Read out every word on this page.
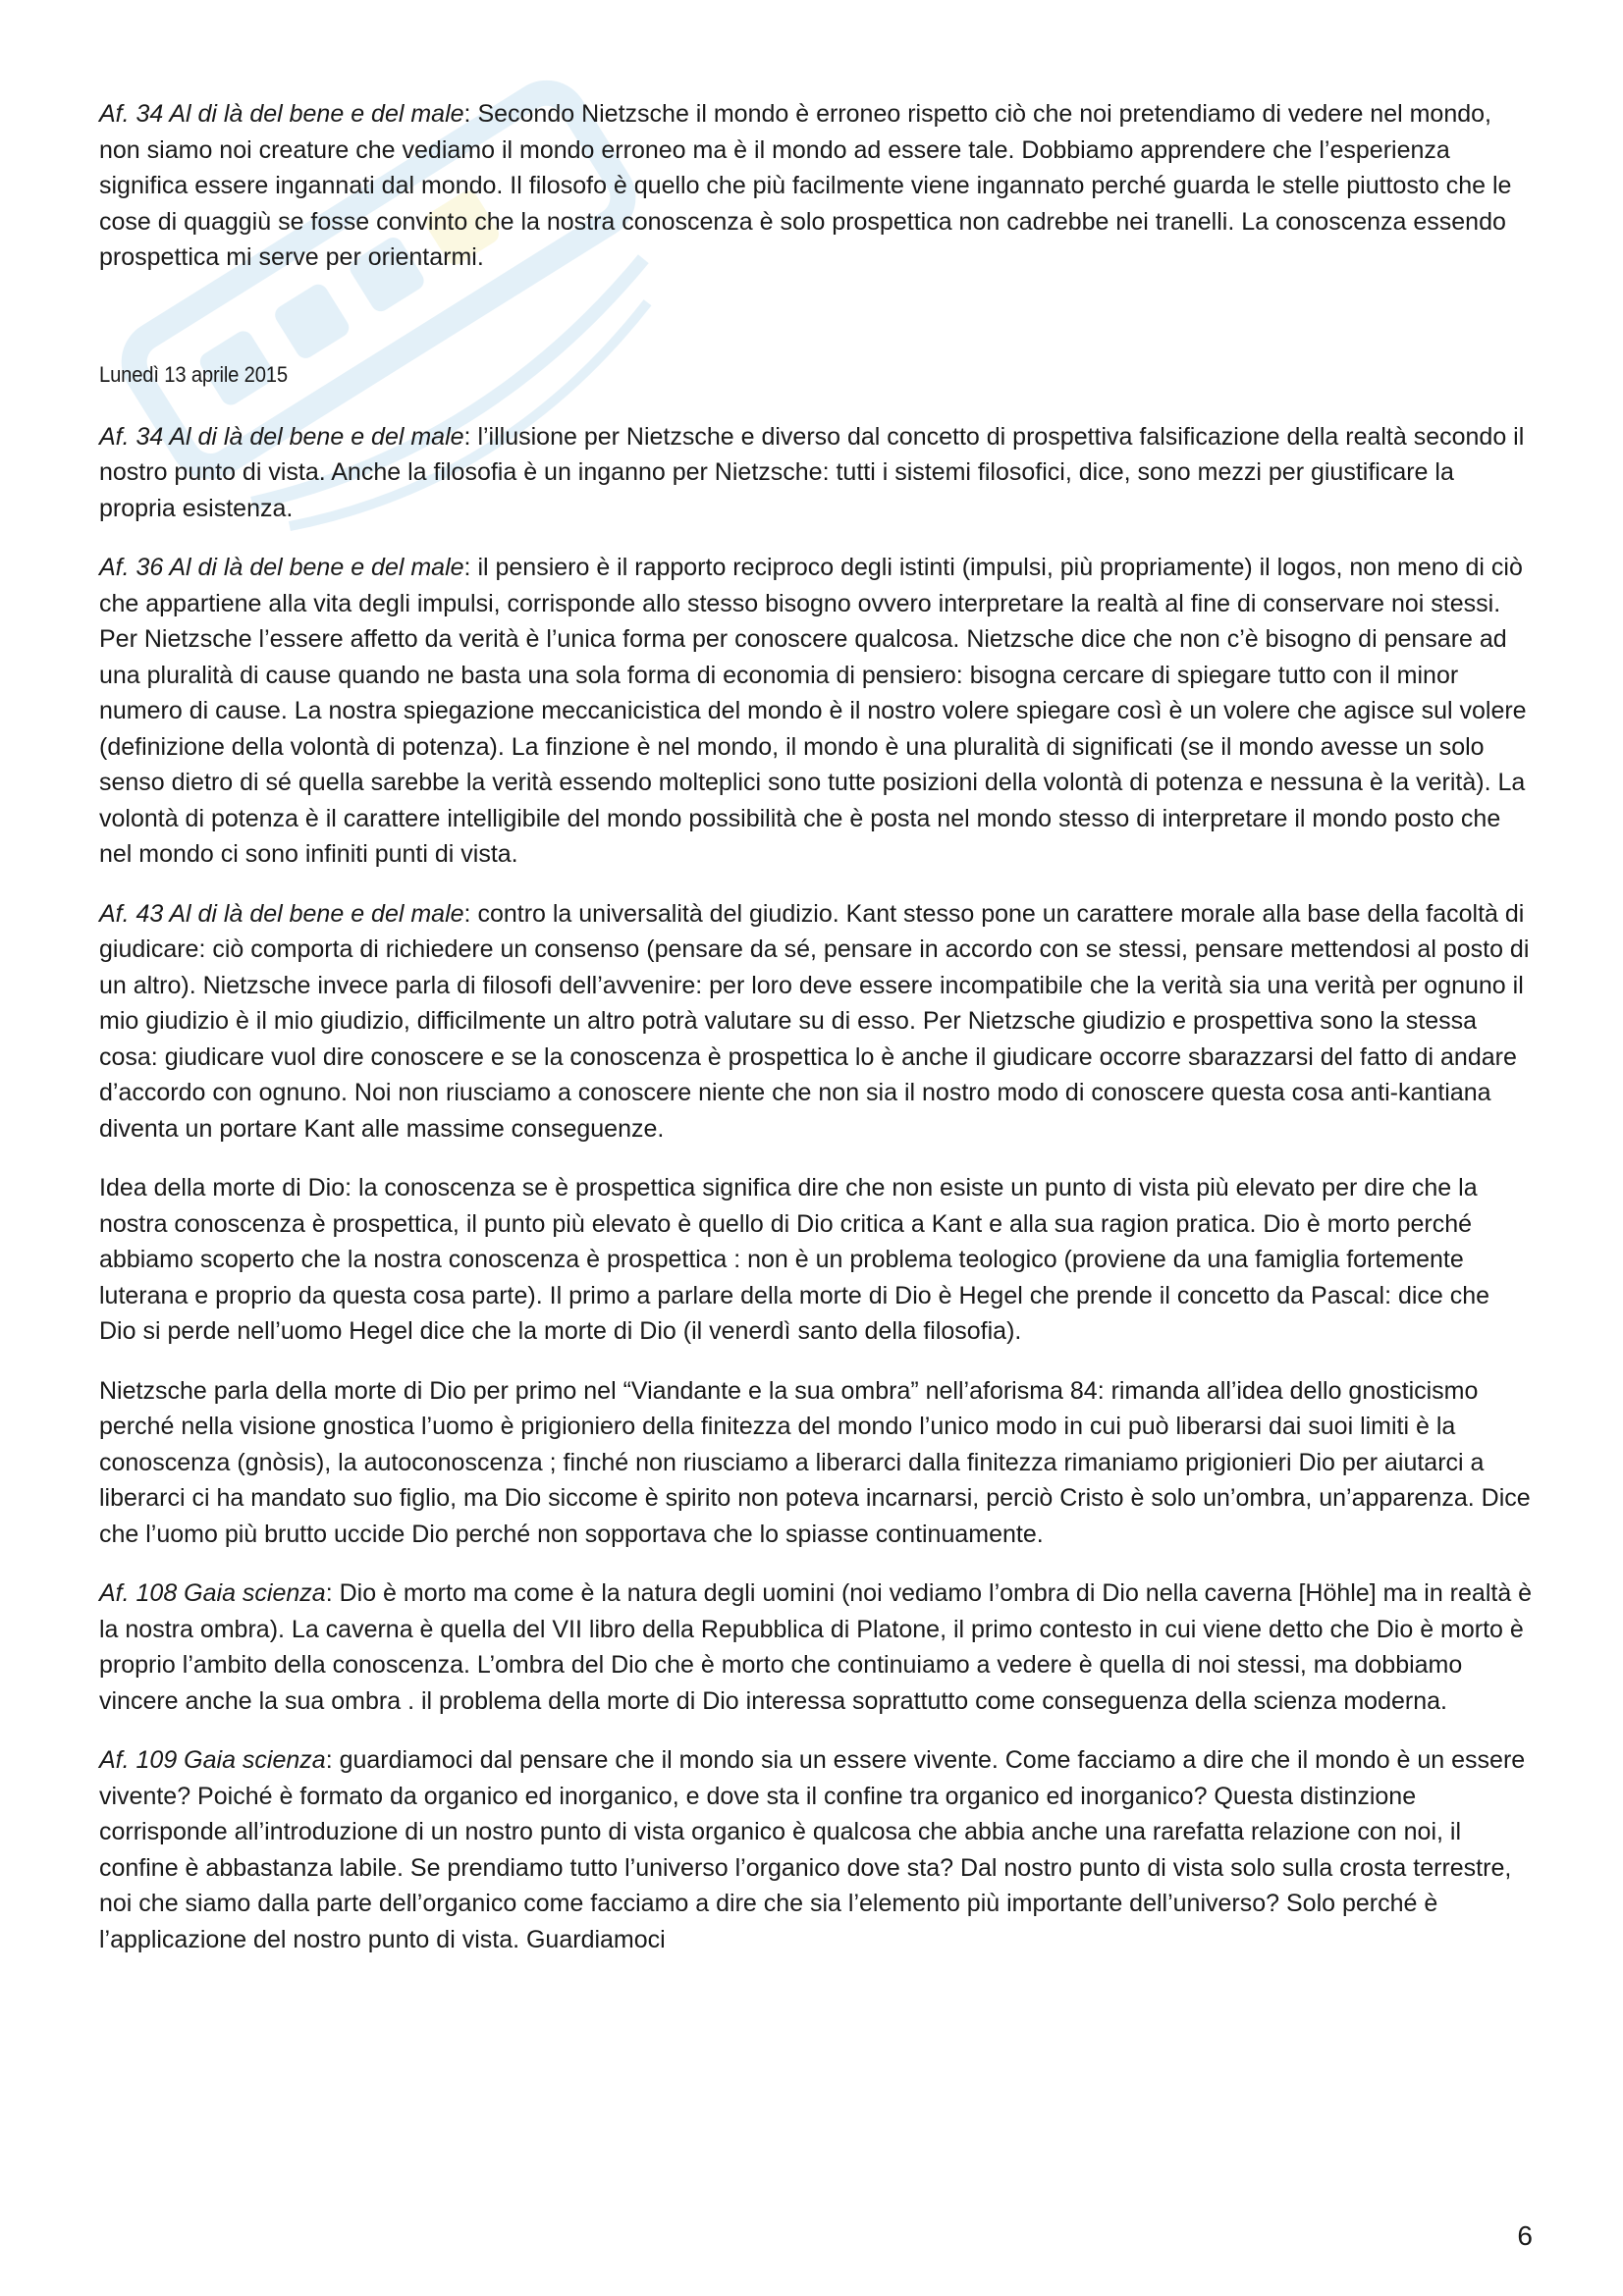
Af. 34 Al di là del bene e del male: Secondo Nietzsche il mondo è erroneo rispetto ciò che noi pretendiamo di vedere nel mondo, non siamo noi creature che vediamo il mondo erroneo ma è il mondo ad essere tale. Dobbiamo apprendere che l’esperienza significa essere ingannati dal mondo. Il filosofo è quello che più facilmente viene ingannato perché guarda le stelle piuttosto che le cose di quaggiù se fosse convinto che la nostra conoscenza è solo prospettica non cadrebbe nei tranelli. La conoscenza essendo prospettica mi serve per orientarmi.

Lunedì 13 aprile 2015

Af. 34 Al di là del bene e del male: l’illusione per Nietzsche e diverso dal concetto di prospettiva falsificazione della realtà secondo il nostro punto di vista. Anche la filosofia è un inganno per Nietzsche: tutti i sistemi filosofici, dice, sono mezzi per giustificare la propria esistenza.

Af. 36 Al di là del bene e del male: il pensiero è il rapporto reciproco degli istinti (impulsi, più propriamente) il logos, non meno di ciò che appartiene alla vita degli impulsi, corrisponde allo stesso bisogno ovvero interpretare la realtà al fine di conservare noi stessi. Per Nietzsche l’essere affetto da verità è l’unica forma per conoscere qualcosa. Nietzsche dice che non c’è bisogno di pensare ad una pluralità di cause quando ne basta una sola forma di economia di pensiero: bisogna cercare di spiegare tutto con il minor numero di cause. La nostra spiegazione meccanicistica del mondo è il nostro volere spiegare così è un volere che agisce sul volere (definizione della volontà di potenza). La finzione è nel mondo, il mondo è una pluralità di significati (se il mondo avesse un solo senso dietro di sé quella sarebbe la verità essendo molteplici sono tutte posizioni della volontà di potenza e nessuna è la verità). La volontà di potenza è il carattere intelligibile del mondo possibilità che è posta nel mondo stesso di interpretare il mondo posto che nel mondo ci sono infiniti punti di vista.

Af. 43 Al di là del bene e del male: contro la universalità del giudizio. Kant stesso pone un carattere morale alla base della facoltà di giudicare: ciò comporta di richiedere un consenso (pensare da sé, pensare in accordo con se stessi, pensare mettendosi al posto di un altro). Nietzsche invece parla di filosofi dell’avvenire: per loro deve essere incompatibile che la verità sia una verità per ognuno il mio giudizio è il mio giudizio, difficilmente un altro potrà valutare su di esso. Per Nietzsche giudizio e prospettiva sono la stessa cosa: giudicare vuol dire conoscere e se la conoscenza è prospettica lo è anche il giudicare occorre sbarazzarsi del fatto di andare d’accordo con ognuno. Noi non riusciamo a conoscere niente che non sia il nostro modo di conoscere questa cosa anti-kantiana diventa un portare Kant alle massime conseguenze.

Idea della morte di Dio: la conoscenza se è prospettica significa dire che non esiste un punto di vista più elevato per dire che la nostra conoscenza è prospettica, il punto più elevato è quello di Dio critica a Kant e alla sua ragion pratica. Dio è morto perché abbiamo scoperto che la nostra conoscenza è prospettica : non è un problema teologico (proviene da una famiglia fortemente luterana e proprio da questa cosa parte). Il primo a parlare della morte di Dio è Hegel che prende il concetto da Pascal: dice che Dio si perde nell’uomo Hegel dice che la morte di Dio (il venerdì santo della filosofia).

Nietzsche parla della morte di Dio per primo nel “Viandante e la sua ombra” nell’aforisma 84: rimanda all’idea dello gnosticismo perché nella visione gnostica l’uomo è prigioniero della finitezza del mondo l’unico modo in cui può liberarsi dai suoi limiti è la conoscenza (gnòsis), la autoconoscenza ; finché non riusciamo a liberarci dalla finitezza rimaniamo prigionieri Dio per aiutarci a liberarci ci ha mandato suo figlio, ma Dio siccome è spirito non poteva incarnarsi, perciò Cristo è solo un’ombra, un’apparenza. Dice che l’uomo più brutto uccide Dio perché non sopportava che lo spiasse continuamente.

Af. 108 Gaia scienza: Dio è morto ma come è la natura degli uomini (noi vediamo l’ombra di Dio nella caverna [Höhle] ma in realtà è la nostra ombra). La caverna è quella del VII libro della Repubblica di Platone, il primo contesto in cui viene detto che Dio è morto è proprio l’ambito della conoscenza. L’ombra del Dio che è morto che continuiamo a vedere è quella di noi stessi, ma dobbiamo vincere anche la sua ombra . il problema della morte di Dio interessa soprattutto come conseguenza della scienza moderna.

Af. 109 Gaia scienza: guardiamoci dal pensare che il mondo sia un essere vivente. Come facciamo a dire che il mondo è un essere vivente? Poiché è formato da organico ed inorganico, e dove sta il confine tra organico ed inorganico? Questa distinzione corrisponde all’introduzione di un nostro punto di vista organico è qualcosa che abbia anche una rarefatta relazione con noi, il confine è abbastanza labile. Se prendiamo tutto l’universo l’organico dove sta? Dal nostro punto di vista solo sulla crosta terrestre, noi che siamo dalla parte dell’organico come facciamo a dire che sia l’elemento più importante dell’universo? Solo perché è l’applicazione del nostro punto di vista. Guardiamoci

6
